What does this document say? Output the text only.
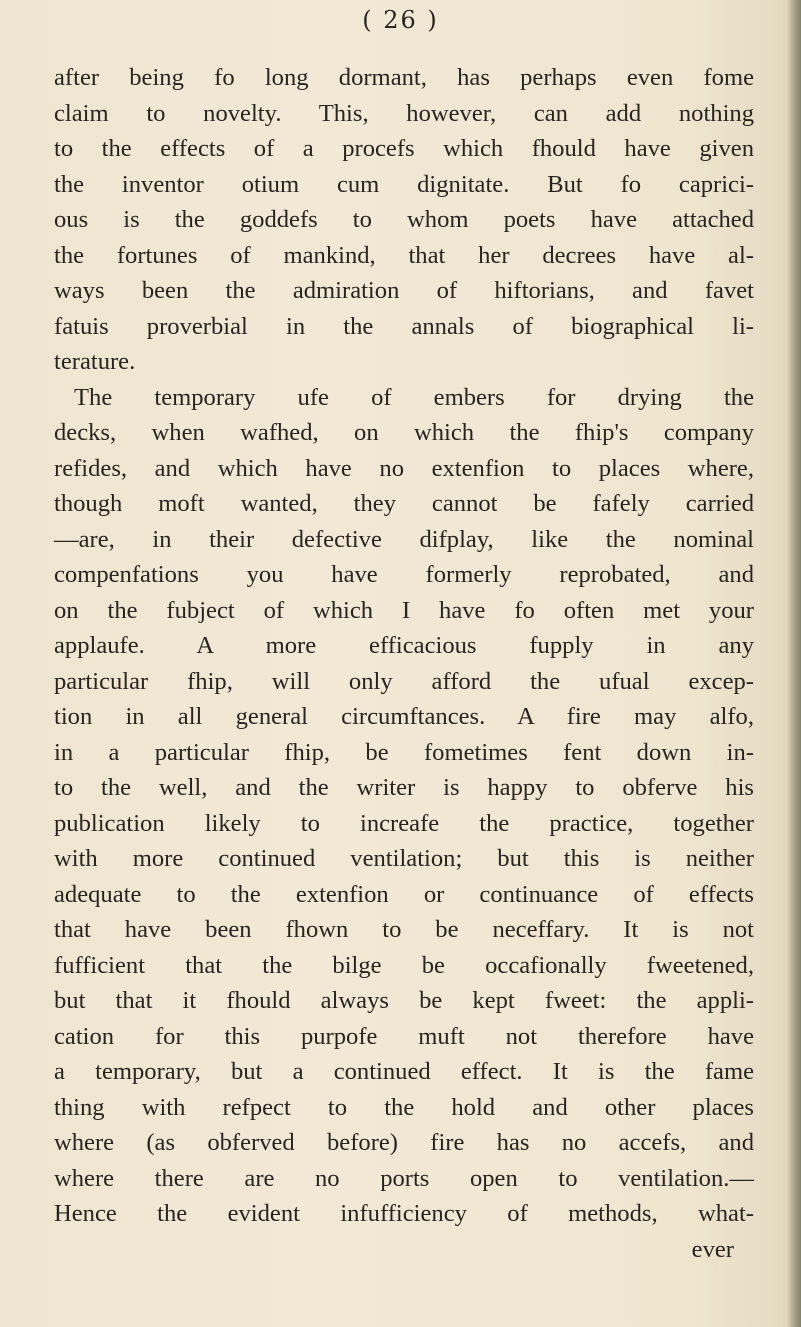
( 26 )
after being fo long dormant, has perhaps even fome
claim to novelty. This, however, can add nothing
to the effects of a procefs which fhould have given
the inventor otium cum dignitate. But fo caprici-
ous is the goddefs to whom poets have attached
the fortunes of mankind, that her decrees have al-
ways been the admiration of hiftorians, and favet
fatuis proverbial in the annals of biographical li-
terature.
The temporary ufe of embers for drying the
decks, when wafhed, on which the fhip's company
refides, and which have no extenfion to places where,
though moft wanted, they cannot be fafely carried
—are, in their defective difplay, like the nominal
compenfations you have formerly reprobated, and
on the fubject of which I have fo often met your
applaufe. A more efficacious fupply in any
particular fhip, will only afford the ufual excep-
tion in all general circumftances. A fire may alfo,
in a particular fhip, be fometimes fent down in-
to the well, and the writer is happy to obferve his
publication likely to increafe the practice, together
with more continued ventilation; but this is neither
adequate to the extenfion or continuance of effects
that have been fhown to be neceffary. It is not
fufficient that the bilge be occafionally fweetened,
but that it fhould always be kept fweet: the appli-
cation for this purpofe muft not therefore have
a temporary, but a continued effect. It is the fame
thing with refpect to the hold and other places
where (as obferved before) fire has no accefs, and
where there are no ports open to ventilation.—
Hence the evident infufficiency of methods, what-
ever
